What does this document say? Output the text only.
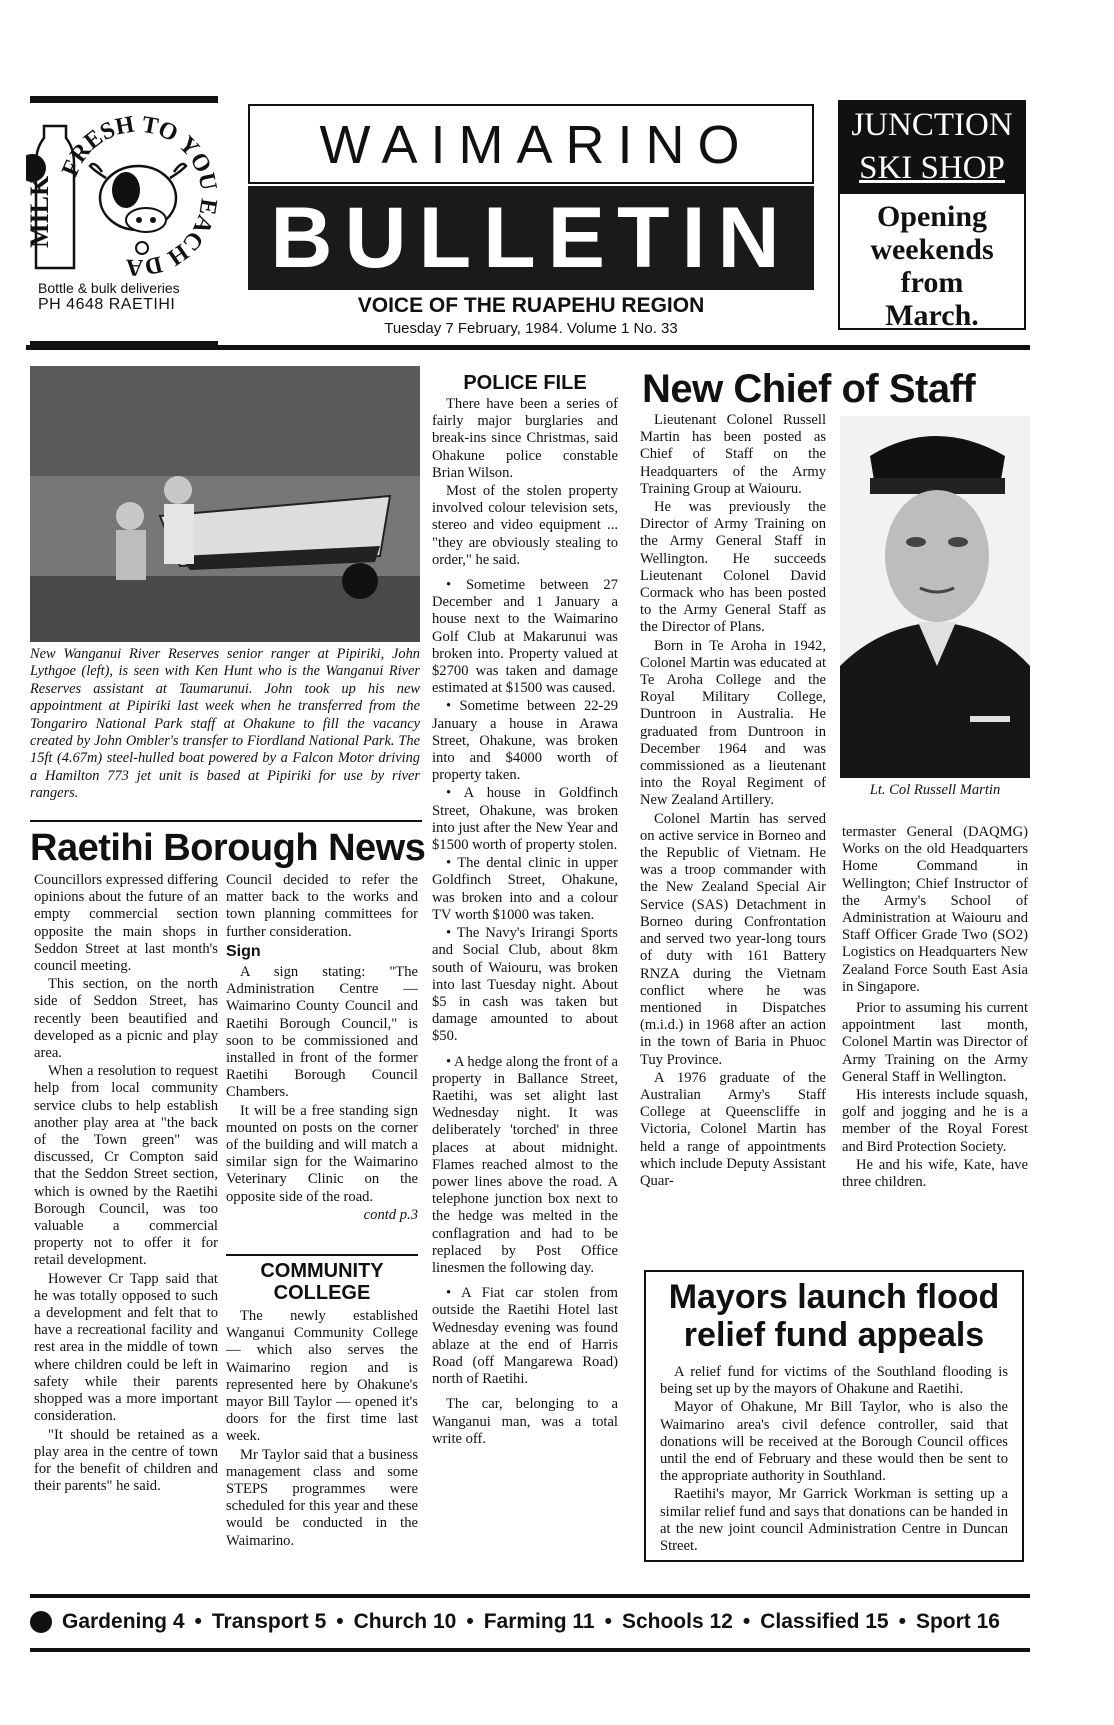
MILK
FRESH TO YOU EACH DA
Bottle & bulk deliveries
PH 4648 RAETIHI
WAIMARINO
BULLETIN
VOICE OF THE RUAPEHU REGION
Tuesday 7 February, 1984. Volume 1 No. 33
JUNCTION
SKI SHOP
Opening weekends from March.
New Wanganui River Reserves senior ranger at Pipiriki, John Lythgoe (left), is seen with Ken Hunt who is the Wanganui River Reserves assistant at Taumarunui. John took up his new appointment at Pipiriki last week when he transferred from the Tongariro National Park staff at Ohakune to fill the vacancy created by John Ombler's transfer to Fiordland National Park. The 15ft (4.67m) steel-hulled boat powered by a Falcon Motor driving a Hamilton 773 jet unit is based at Pipiriki for use by river rangers.
Raetihi Borough News

Councillors expressed differing opinions about the future of an empty commercial section opposite the main shops in Seddon Street at last month's council meeting.

This section, on the north side of Seddon Street, has recently been beautified and developed as a picnic and play area.

When a resolution to request help from local community service clubs to help establish another play area at "the back of the Town green" was discussed, Cr Compton said that the Seddon Street section, which is owned by the Raetihi Borough Council, was too valuable a commercial property not to offer it for retail development.

However Cr Tapp said that he was totally opposed to such a development and felt that to have a recreational facility and rest area in the middle of town where children could be left in safety while their parents shopped was a more important consideration.

"It should be retained as a play area in the centre of town for the benefit of children and their parents" he said.

Council decided to refer the matter back to the works and town planning committees for further consideration.

Sign

A sign stating: "The Administration Centre — Waimarino County Council and Raetihi Borough Council," is soon to be commissioned and installed in front of the former Raetihi Borough Council Chambers.

It will be a free standing sign mounted on posts on the corner of the building and will match a similar sign for the Waimarino Veterinary Clinic on the opposite side of the road.

contd p.3
COMMUNITY
COLLEGE

The newly established Wanganui Community College — which also serves the Waimarino region and is represented here by Ohakune's mayor Bill Taylor — opened it's doors for the first time last week.

Mr Taylor said that a business management class and some STEPS programmes were scheduled for this year and these would be conducted in the Waimarino.

POLICE FILE

There have been a series of fairly major burglaries and break-ins since Christmas, said Ohakune police constable Brian Wilson.

Most of the stolen property involved colour television sets, stereo and video equipment ... "they are obviously stealing to order," he said.

• Sometime between 27 December and 1 January a house next to the Waimarino Golf Club at Makarunui was broken into. Property valued at $2700 was taken and damage estimated at $1500 was caused.

• Sometime between 22-29 January a house in Arawa Street, Ohakune, was broken into and $4000 worth of property taken.

• A house in Goldfinch Street, Ohakune, was broken into just after the New Year and $1500 worth of property stolen.

• The dental clinic in upper Goldfinch Street, Ohakune, was broken into and a colour TV worth $1000 was taken.

• The Navy's Irirangi Sports and Social Club, about 8km south of Waiouru, was broken into last Tuesday night. About $5 in cash was taken but damage amounted to about $50.

• A hedge along the front of a property in Ballance Street, Raetihi, was set alight last Wednesday night. It was deliberately 'torched' in three places at about midnight. Flames reached almost to the power lines above the road. A telephone junction box next to the hedge was melted in the conflagration and had to be replaced by Post Office linesmen the following day.

• A Fiat car stolen from outside the Raetihi Hotel last Wednesday evening was found ablaze at the end of Harris Road (off Mangarewa Road) north of Raetihi.

The car, belonging to a Wanganui man, was a total write off.

New Chief of Staff

Lieutenant Colonel Russell Martin has been posted as Chief of Staff on the Headquarters of the Army Training Group at Waiouru.

He was previously the Director of Army Training on the Army General Staff in Wellington. He succeeds Lieutenant Colonel David Cormack who has been posted to the Army General Staff as the Director of Plans.

Born in Te Aroha in 1942, Colonel Martin was educated at Te Aroha College and the Royal Military College, Duntroon in Australia. He graduated from Duntroon in December 1964 and was commissioned as a lieutenant into the Royal Regiment of New Zealand Artillery.

Colonel Martin has served on active service in Borneo and the Republic of Vietnam. He was a troop commander with the New Zealand Special Air Service (SAS) Detachment in Borneo during Confrontation and served two year-long tours of duty with 161 Battery RNZA during the Vietnam conflict where he was mentioned in Dispatches (m.i.d.) in 1968 after an action in the town of Baria in Phuoc Tuy Province.

A 1976 graduate of the Australian Army's Staff College at Queenscliffe in Victoria, Colonel Martin has held a range of appointments which include Deputy Assistant Quar-

Lt. Col Russell Martin

termaster General (DAQMG) Works on the old Headquarters Home Command in Wellington; Chief Instructor of the Army's School of Administration at Waiouru and Staff Officer Grade Two (SO2) Logistics on Headquarters New Zealand Force South East Asia in Singapore.

Prior to assuming his current appointment last month, Colonel Martin was Director of Army Training on the Army General Staff in Wellington.

His interests include squash, golf and jogging and he is a member of the Royal Forest and Bird Protection Society.

He and his wife, Kate, have three children.

Mayors launch flood
relief fund appeals

A relief fund for victims of the Southland flooding is being set up by the mayors of Ohakune and Raetihi.

Mayor of Ohakune, Mr Bill Taylor, who is also the Waimarino area's civil defence controller, said that donations will be received at the Borough Council offices until the end of February and these would then be sent to the appropriate authority in Southland.

Raetihi's mayor, Mr Garrick Workman is setting up a similar relief fund and says that donations can be handed in at the new joint council Administration Centre in Duncan Street.

Gardening 4 • Transport 5 • Church 10 • Farming 11 • Schools 12 • Classified 15 • Sport 16
